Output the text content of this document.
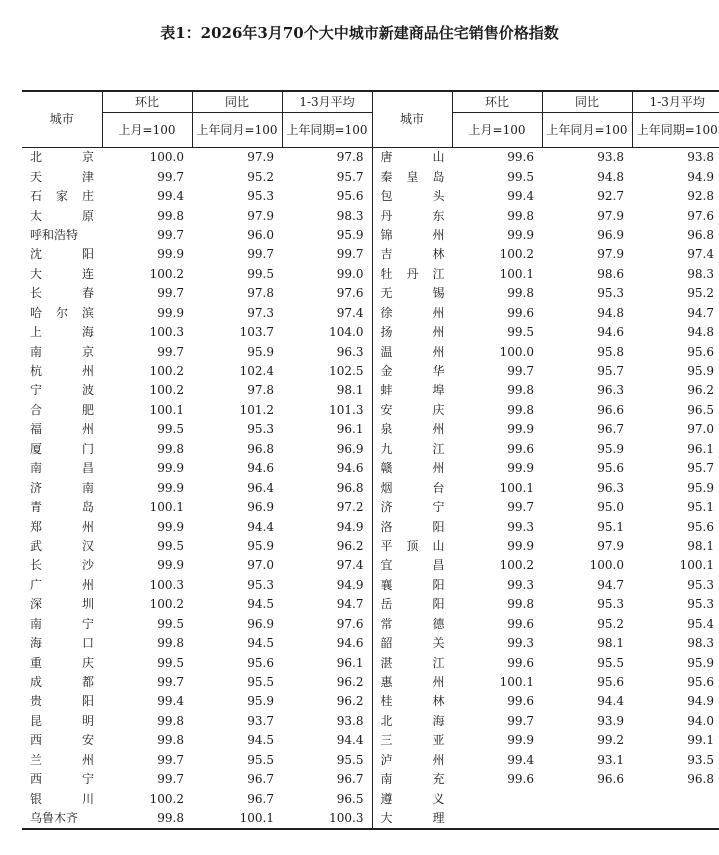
表1：2026年3月70个大中城市新建商品住宅销售价格指数
城市	环比	同比	1-3月平均	城市	环比	同比	1-3月平均
	上月=100	上年同月=100	上年同期=100		上月=100	上年同月=100	上年同期=100

北 京	100.0	97.9	97.8	唐 山	99.6	93.8	93.8

天 津	99.7	95.2	95.7	秦 皇 岛	99.5	94.8	94.9

石 家 庄	99.4	95.3	95.6	包 头	99.4	92.7	92.8

太 原	99.8	97.9	98.3	丹 东	99.8	97.9	97.6

呼和浩特	99.7	96.0	95.9	锦 州	99.9	96.9	96.8

沈 阳	99.9	99.7	99.7	吉 林	100.2	97.9	97.4

大 连	100.2	99.5	99.0	牡 丹 江	100.1	98.6	98.3

长 春	99.7	97.8	97.6	无 锡	99.8	95.3	95.2

哈 尔 滨	99.9	97.3	97.4	徐 州	99.6	94.8	94.7

上 海	100.3	103.7	104.0	扬 州	99.5	94.6	94.8

南 京	99.7	95.9	96.3	温 州	100.0	95.8	95.6

杭 州	100.2	102.4	102.5	金 华	99.7	95.7	95.9

宁 波	100.2	97.8	98.1	蚌 埠	99.8	96.3	96.2

合 肥	100.1	101.2	101.3	安 庆	99.8	96.6	96.5

福 州	99.5	95.3	96.1	泉 州	99.9	96.7	97.0

厦 门	99.8	96.8	96.9	九 江	99.6	95.9	96.1

南 昌	99.9	94.6	94.6	赣 州	99.9	95.6	95.7

济 南	99.9	96.4	96.8	烟 台	100.1	96.3	95.9

青 岛	100.1	96.9	97.2	济 宁	99.7	95.0	95.1

郑 州	99.9	94.4	94.9	洛 阳	99.3	95.1	95.6

武 汉	99.5	95.9	96.2	平 顶 山	99.9	97.9	98.1

长 沙	99.9	97.0	97.4	宜 昌	100.2	100.0	100.1

广 州	100.3	95.3	94.9	襄 阳	99.3	94.7	95.3

深 圳	100.2	94.5	94.7	岳 阳	99.8	95.3	95.3

南 宁	99.5	96.9	97.6	常 德	99.6	95.2	95.4

海 口	99.8	94.5	94.6	韶 关	99.3	98.1	98.3

重 庆	99.5	95.6	96.1	湛 江	99.6	95.5	95.9

成 都	99.7	95.5	96.2	惠 州	100.1	95.6	95.6

贵 阳	99.4	95.9	96.2	桂 林	99.6	94.4	94.9

昆 明	99.8	93.7	93.8	北 海	99.7	93.9	94.0

西 安	99.8	94.5	94.4	三 亚	99.9	99.2	99.1

兰 州	99.7	95.5	95.5	泸 州	99.4	93.1	93.5

西 宁	99.7	96.7	96.7	南 充	99.6	96.6	96.8

银 川	100.2	96.7	96.5	遵 义			

乌鲁木齐	99.8	100.1	100.3	大 理			
